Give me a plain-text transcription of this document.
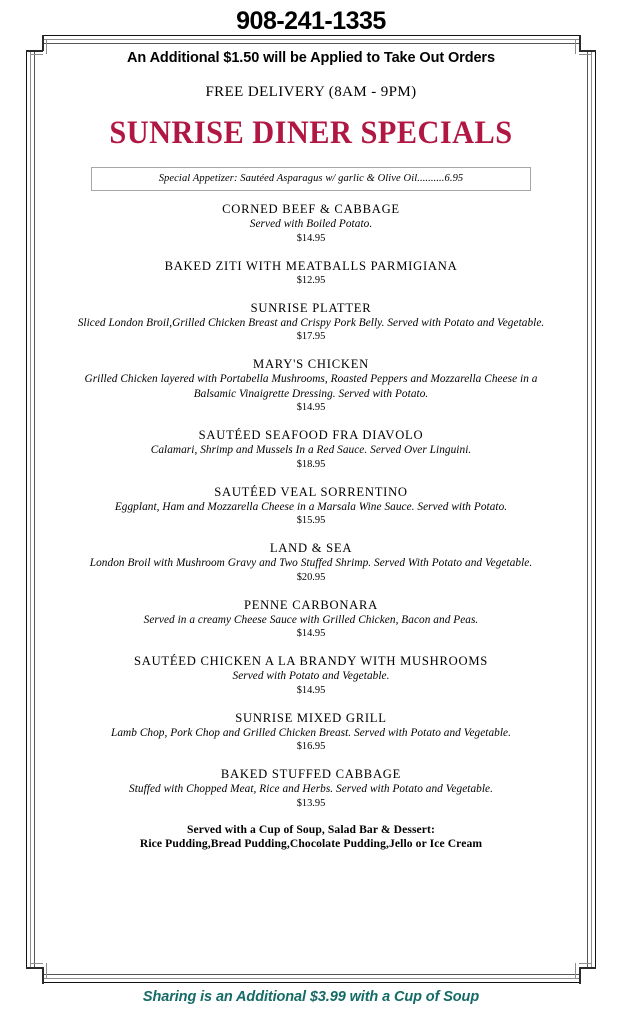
908-241-1335
An Additional $1.50 will be Applied to Take Out Orders
FREE DELIVERY (8AM - 9PM)
SUNRISE DINER SPECIALS
Special Appetizer: Sautéed Asparagus w/ garlic & Olive Oil..........6.95
CORNED BEEF & CABBAGE
Served with Boiled Potato.
$14.95
BAKED ZITI WITH MEATBALLS PARMIGIANA
$12.95
SUNRISE PLATTER
Sliced London Broil,Grilled Chicken Breast and Crispy Pork Belly. Served with Potato and Vegetable.
$17.95
MARY'S CHICKEN
Grilled Chicken layered with Portabella Mushrooms, Roasted Peppers and Mozzarella Cheese in a Balsamic Vinaigrette Dressing. Served with Potato.
$14.95
SAUTÉED SEAFOOD FRA DIAVOLO
Calamari, Shrimp and Mussels In a Red Sauce. Served Over Linguini.
$18.95
SAUTÉED VEAL SORRENTINO
Eggplant, Ham and Mozzarella Cheese in a Marsala Wine Sauce. Served with Potato.
$15.95
LAND & SEA
London Broil with Mushroom Gravy and Two Stuffed Shrimp. Served With Potato and Vegetable.
$20.95
PENNE CARBONARA
Served in a creamy Cheese Sauce with Grilled Chicken, Bacon and Peas.
$14.95
SAUTÉED CHICKEN A LA BRANDY WITH MUSHROOMS
Served with Potato and Vegetable.
$14.95
SUNRISE MIXED GRILL
Lamb Chop, Pork Chop and Grilled Chicken Breast. Served with Potato and Vegetable.
$16.95
BAKED STUFFED CABBAGE
Stuffed with Chopped Meat, Rice and Herbs. Served with Potato and Vegetable.
$13.95
Served with a Cup of Soup, Salad Bar & Dessert:
Rice Pudding,Bread Pudding,Chocolate Pudding,Jello or Ice Cream
Sharing is an Additional $3.99 with a Cup of Soup
